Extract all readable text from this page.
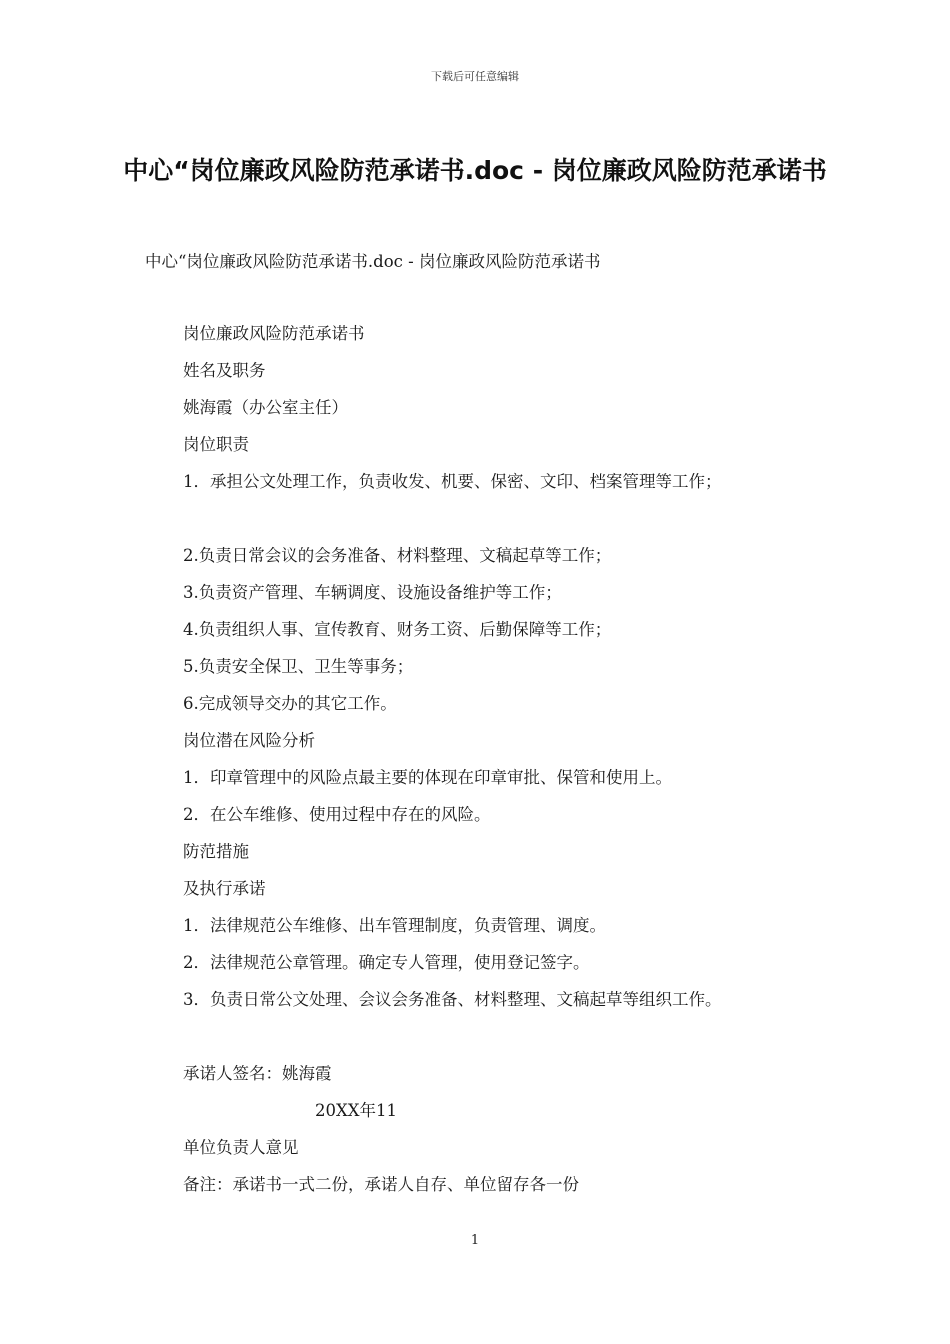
下载后可任意编辑
中心“岗位廉政风险防范承诺书.doc - 岗位廉政风险防范承诺书
中心“岗位廉政风险防范承诺书.doc - 岗位廉政风险防范承诺书
岗位廉政风险防范承诺书
姓名及职务
姚海霞（办公室主任）
岗位职责
1．承担公文处理工作，负责收发、机要、保密、文印、档案管理等工作；
2.负责日常会议的会务准备、材料整理、文稿起草等工作；
3.负责资产管理、车辆调度、设施设备维护等工作；
4.负责组织人事、宣传教育、财务工资、后勤保障等工作；
5.负责安全保卫、卫生等事务；
6.完成领导交办的其它工作。
岗位潜在风险分析
1．印章管理中的风险点最主要的体现在印章审批、保管和使用上。
2．在公车维修、使用过程中存在的风险。
防范措施
及执行承诺
1．法律规范公车维修、出车管理制度，负责管理、调度。
2．法律规范公章管理。确定专人管理，使用登记签字。
3．负责日常公文处理、会议会务准备、材料整理、文稿起草等组织工作。
承诺人签名：姚海霞
20XX年11
单位负责人意见
备注：承诺书一式二份，承诺人自存、单位留存各一份
1
